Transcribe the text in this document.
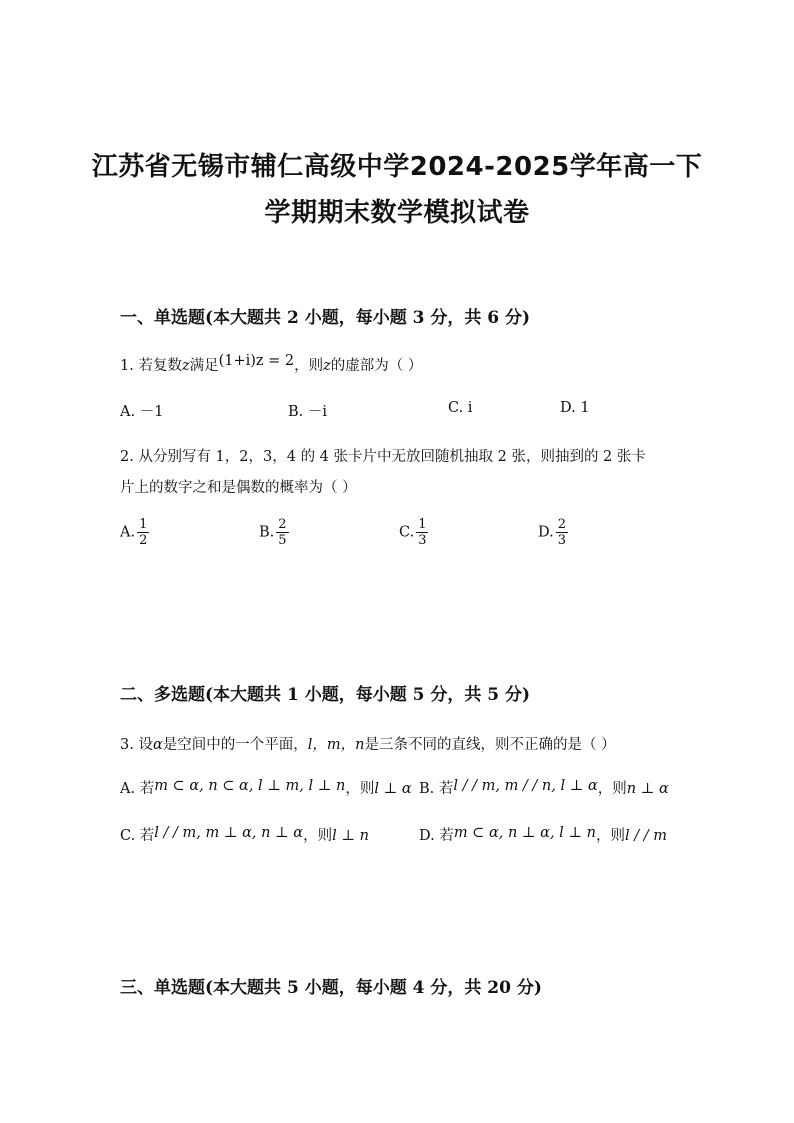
江苏省无锡市辅仁高级中学2024-2025学年高一下
学期期末数学模拟试卷
一、单选题(本大题共 2 小题，每小题 3 分，共 6 分)
1. 若复数z满足(1+i)z = 2，则z的虚部为（ ）
A. －1	B. －i	C. i	D. 1
2. 从分别写有 1，2，3，4 的 4 张卡片中无放回随机抽取 2 张，则抽到的 2 张卡
片上的数字之和是偶数的概率为（ ）
A. $\frac{1}{2}$	B. $\frac{2}{5}$	C. $\frac{1}{3}$	D. $\frac{2}{3}$
二、多选题(本大题共 1 小题，每小题 5 分，共 5 分)
3. 设α是空间中的一个平面，l，m，n是三条不同的直线，则不正确的是（ ）
A. 若m ⊂ α, n ⊂ α, l ⊥ m, l ⊥ n，则l ⊥ α B. 若l / / m, m / / n, l ⊥ α，则n ⊥ α
C. 若l / / m, m ⊥ α, n ⊥ α，则l ⊥ n	D. 若m ⊂ α, n ⊥ α, l ⊥ n，则l / / m
三、单选题(本大题共 5 小题，每小题 4 分，共 20 分)
